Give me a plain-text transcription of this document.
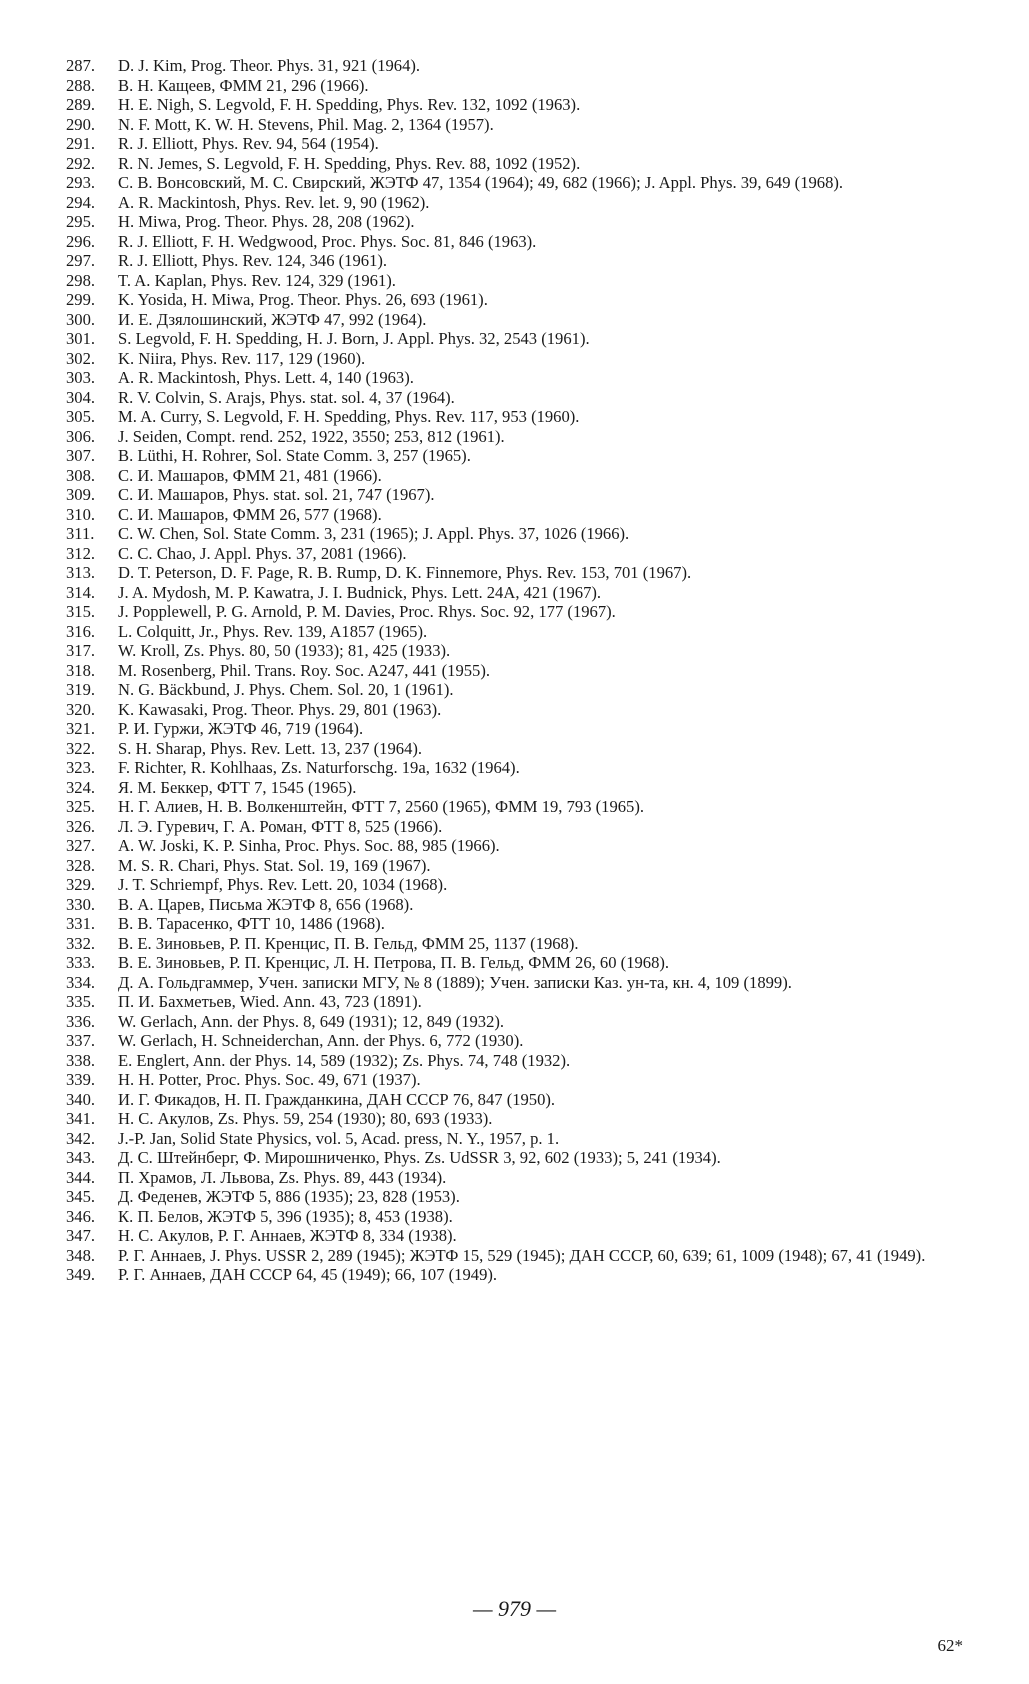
287.	D. J. Kim, Prog. Theor. Phys. 31, 921 (1964).
288.	В. Н. Кащеев, ФММ 21, 296 (1966).
289.	H. E. Nigh, S. Legvold, F. H. Spedding, Phys. Rev. 132, 1092 (1963).
290.	N. F. Mott, K. W. H. Stevens, Phil. Mag. 2, 1364 (1957).
291.	R. J. Elliott, Phys. Rev. 94, 564 (1954).
292.	R. N. Jemes, S. Legvold, F. H. Spedding, Phys. Rev. 88, 1092 (1952).
293.	С. В. Вонсовский, М. С. Свирский, ЖЭТФ 47, 1354 (1964); 49, 682 (1966); J. Appl. Phys. 39, 649 (1968).
294.	A. R. Mackintosh, Phys. Rev. let. 9, 90 (1962).
295.	H. Miwa, Prog. Theor. Phys. 28, 208 (1962).
296.	R. J. Elliott, F. H. Wedgwood, Proc. Phys. Soc. 81, 846 (1963).
297.	R. J. Elliott, Phys. Rev. 124, 346 (1961).
298.	T. A. Kaplan, Phys. Rev. 124, 329 (1961).
299.	K. Yosida, H. Miwa, Prog. Theor. Phys. 26, 693 (1961).
300.	И. Е. Дзялошинский, ЖЭТФ 47, 992 (1964).
301.	S. Legvold, F. H. Spedding, H. J. Born, J. Appl. Phys. 32, 2543 (1961).
302.	K. Niira, Phys. Rev. 117, 129 (1960).
303.	A. R. Mackintosh, Phys. Lett. 4, 140 (1963).
304.	R. V. Colvin, S. Arajs, Phys. stat. sol. 4, 37 (1964).
305.	M. A. Curry, S. Legvold, F. H. Spedding, Phys. Rev. 117, 953 (1960).
306.	J. Seiden, Compt. rend. 252, 1922, 3550; 253, 812 (1961).
307.	B. Lüthi, H. Rohrer, Sol. State Comm. 3, 257 (1965).
308.	С. И. Машаров, ФММ 21, 481 (1966).
309.	С. И. Машаров, Phys. stat. sol. 21, 747 (1967).
310.	С. И. Машаров, ФММ 26, 577 (1968).
311.	C. W. Chen, Sol. State Comm. 3, 231 (1965); J. Appl. Phys. 37, 1026 (1966).
312.	C. C. Chao, J. Appl. Phys. 37, 2081 (1966).
313.	D. T. Peterson, D. F. Page, R. B. Rump, D. K. Finnemore, Phys. Rev. 153, 701 (1967).
314.	J. A. Mydosh, M. P. Kawatra, J. I. Budnick, Phys. Lett. 24A, 421 (1967).
315.	J. Popplewell, P. G. Arnold, P. M. Davies, Proc. Rhys. Soc. 92, 177 (1967).
316.	L. Colquitt, Jr., Phys. Rev. 139, A1857 (1965).
317.	W. Kroll, Zs. Phys. 80, 50 (1933); 81, 425 (1933).
318.	M. Rosenberg, Phil. Trans. Roy. Soc. A247, 441 (1955).
319.	N. G. Bäckbund, J. Phys. Chem. Sol. 20, 1 (1961).
320.	K. Kawasaki, Prog. Theor. Phys. 29, 801 (1963).
321.	Р. И. Гуржи, ЖЭТФ 46, 719 (1964).
322.	S. H. Sharap, Phys. Rev. Lett. 13, 237 (1964).
323.	F. Richter, R. Kohlhaas, Zs. Naturforschg. 19a, 1632 (1964).
324.	Я. М. Беккер, ФТТ 7, 1545 (1965).
325.	Н. Г. Алиев, Н. В. Волкенштейн, ФТТ 7, 2560 (1965), ФММ 19, 793 (1965).
326.	Л. Э. Гуревич, Г. А. Роман, ФТТ 8, 525 (1966).
327.	A. W. Joski, K. P. Sinha, Proc. Phys. Soc. 88, 985 (1966).
328.	M. S. R. Chari, Phys. Stat. Sol. 19, 169 (1967).
329.	J. T. Schriempf, Phys. Rev. Lett. 20, 1034 (1968).
330.	В. А. Царев, Письма ЖЭТФ 8, 656 (1968).
331.	В. В. Тарасенко, ФТТ 10, 1486 (1968).
332.	В. Е. Зиновьев, Р. П. Кренцис, П. В. Гельд, ФММ 25, 1137 (1968).
333.	В. Е. Зиновьев, Р. П. Кренцис, Л. Н. Петрова, П. В. Гельд, ФММ 26, 60 (1968).
334.	Д. А. Гольдгаммер, Учен. записки МГУ, № 8 (1889); Учен. записки Каз. ун-та, кн. 4, 109 (1899).
335.	П. И. Бахметьев, Wied. Ann. 43, 723 (1891).
336.	W. Gerlach, Ann. der Phys. 8, 649 (1931); 12, 849 (1932).
337.	W. Gerlach, H. Schneiderchan, Ann. der Phys. 6, 772 (1930).
338.	E. Englert, Ann. der Phys. 14, 589 (1932); Zs. Phys. 74, 748 (1932).
339.	H. H. Potter, Proc. Phys. Soc. 49, 671 (1937).
340.	И. Г. Фикадов, Н. П. Гражданкина, ДАН СССР 76, 847 (1950).
341.	Н. С. Акулов, Zs. Phys. 59, 254 (1930); 80, 693 (1933).
342.	J.-P. Jan, Solid State Physics, vol. 5, Acad. press, N. Y., 1957, p. 1.
343.	Д. С. Штейнберг, Ф. Мирошниченко, Phys. Zs. UdSSR 3, 92, 602 (1933); 5, 241 (1934).
344.	П. Храмов, Л. Львова, Zs. Phys. 89, 443 (1934).
345.	Д. Феденев, ЖЭТФ 5, 886 (1935); 23, 828 (1953).
346.	К. П. Белов, ЖЭТФ 5, 396 (1935); 8, 453 (1938).
347.	Н. С. Акулов, Р. Г. Аннаев, ЖЭТФ 8, 334 (1938).
348.	Р. Г. Аннаев, J. Phys. USSR 2, 289 (1945); ЖЭТФ 15, 529 (1945); ДАН СССР, 60, 639; 61, 1009 (1948); 67, 41 (1949).
349.	Р. Г. Аннаев, ДАН СССР 64, 45 (1949); 66, 107 (1949).
— 979 —
62*
